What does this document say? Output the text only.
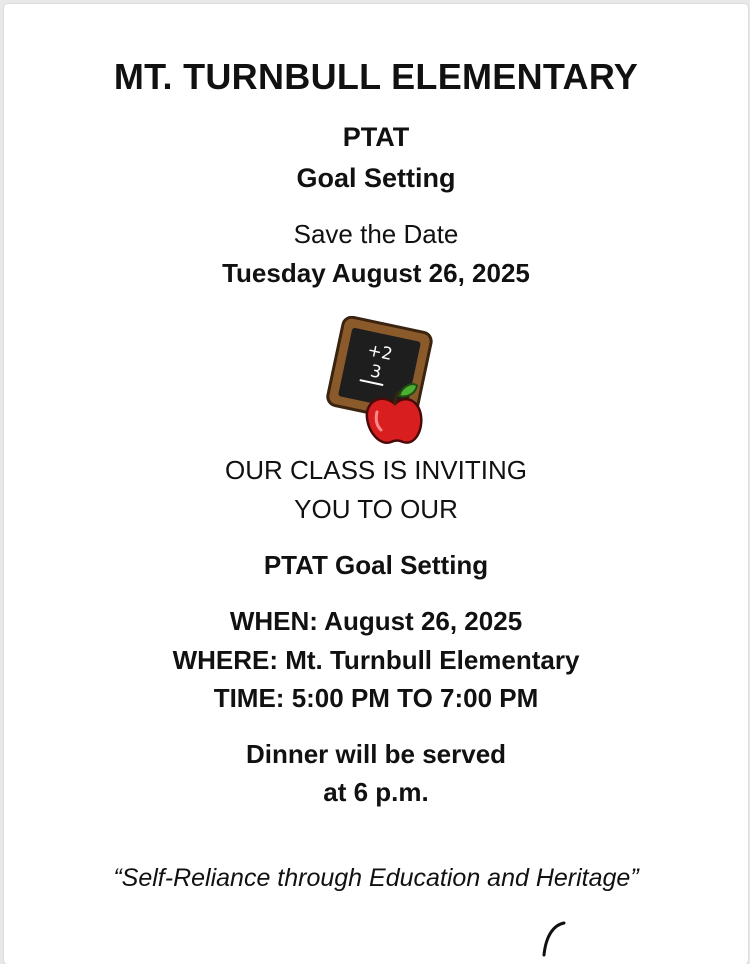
MT. TURNBULL ELEMENTARY
PTAT
Goal Setting
Save the Date
Tuesday August 26, 2025
+2
3
OUR CLASS IS INVITING
YOU TO OUR
PTAT Goal Setting
WHEN: August 26, 2025
WHERE: Mt. Turnbull Elementary
TIME: 5:00 PM TO 7:00 PM
Dinner will be served
at 6 p.m.
“Self-Reliance through Education and Heritage”
